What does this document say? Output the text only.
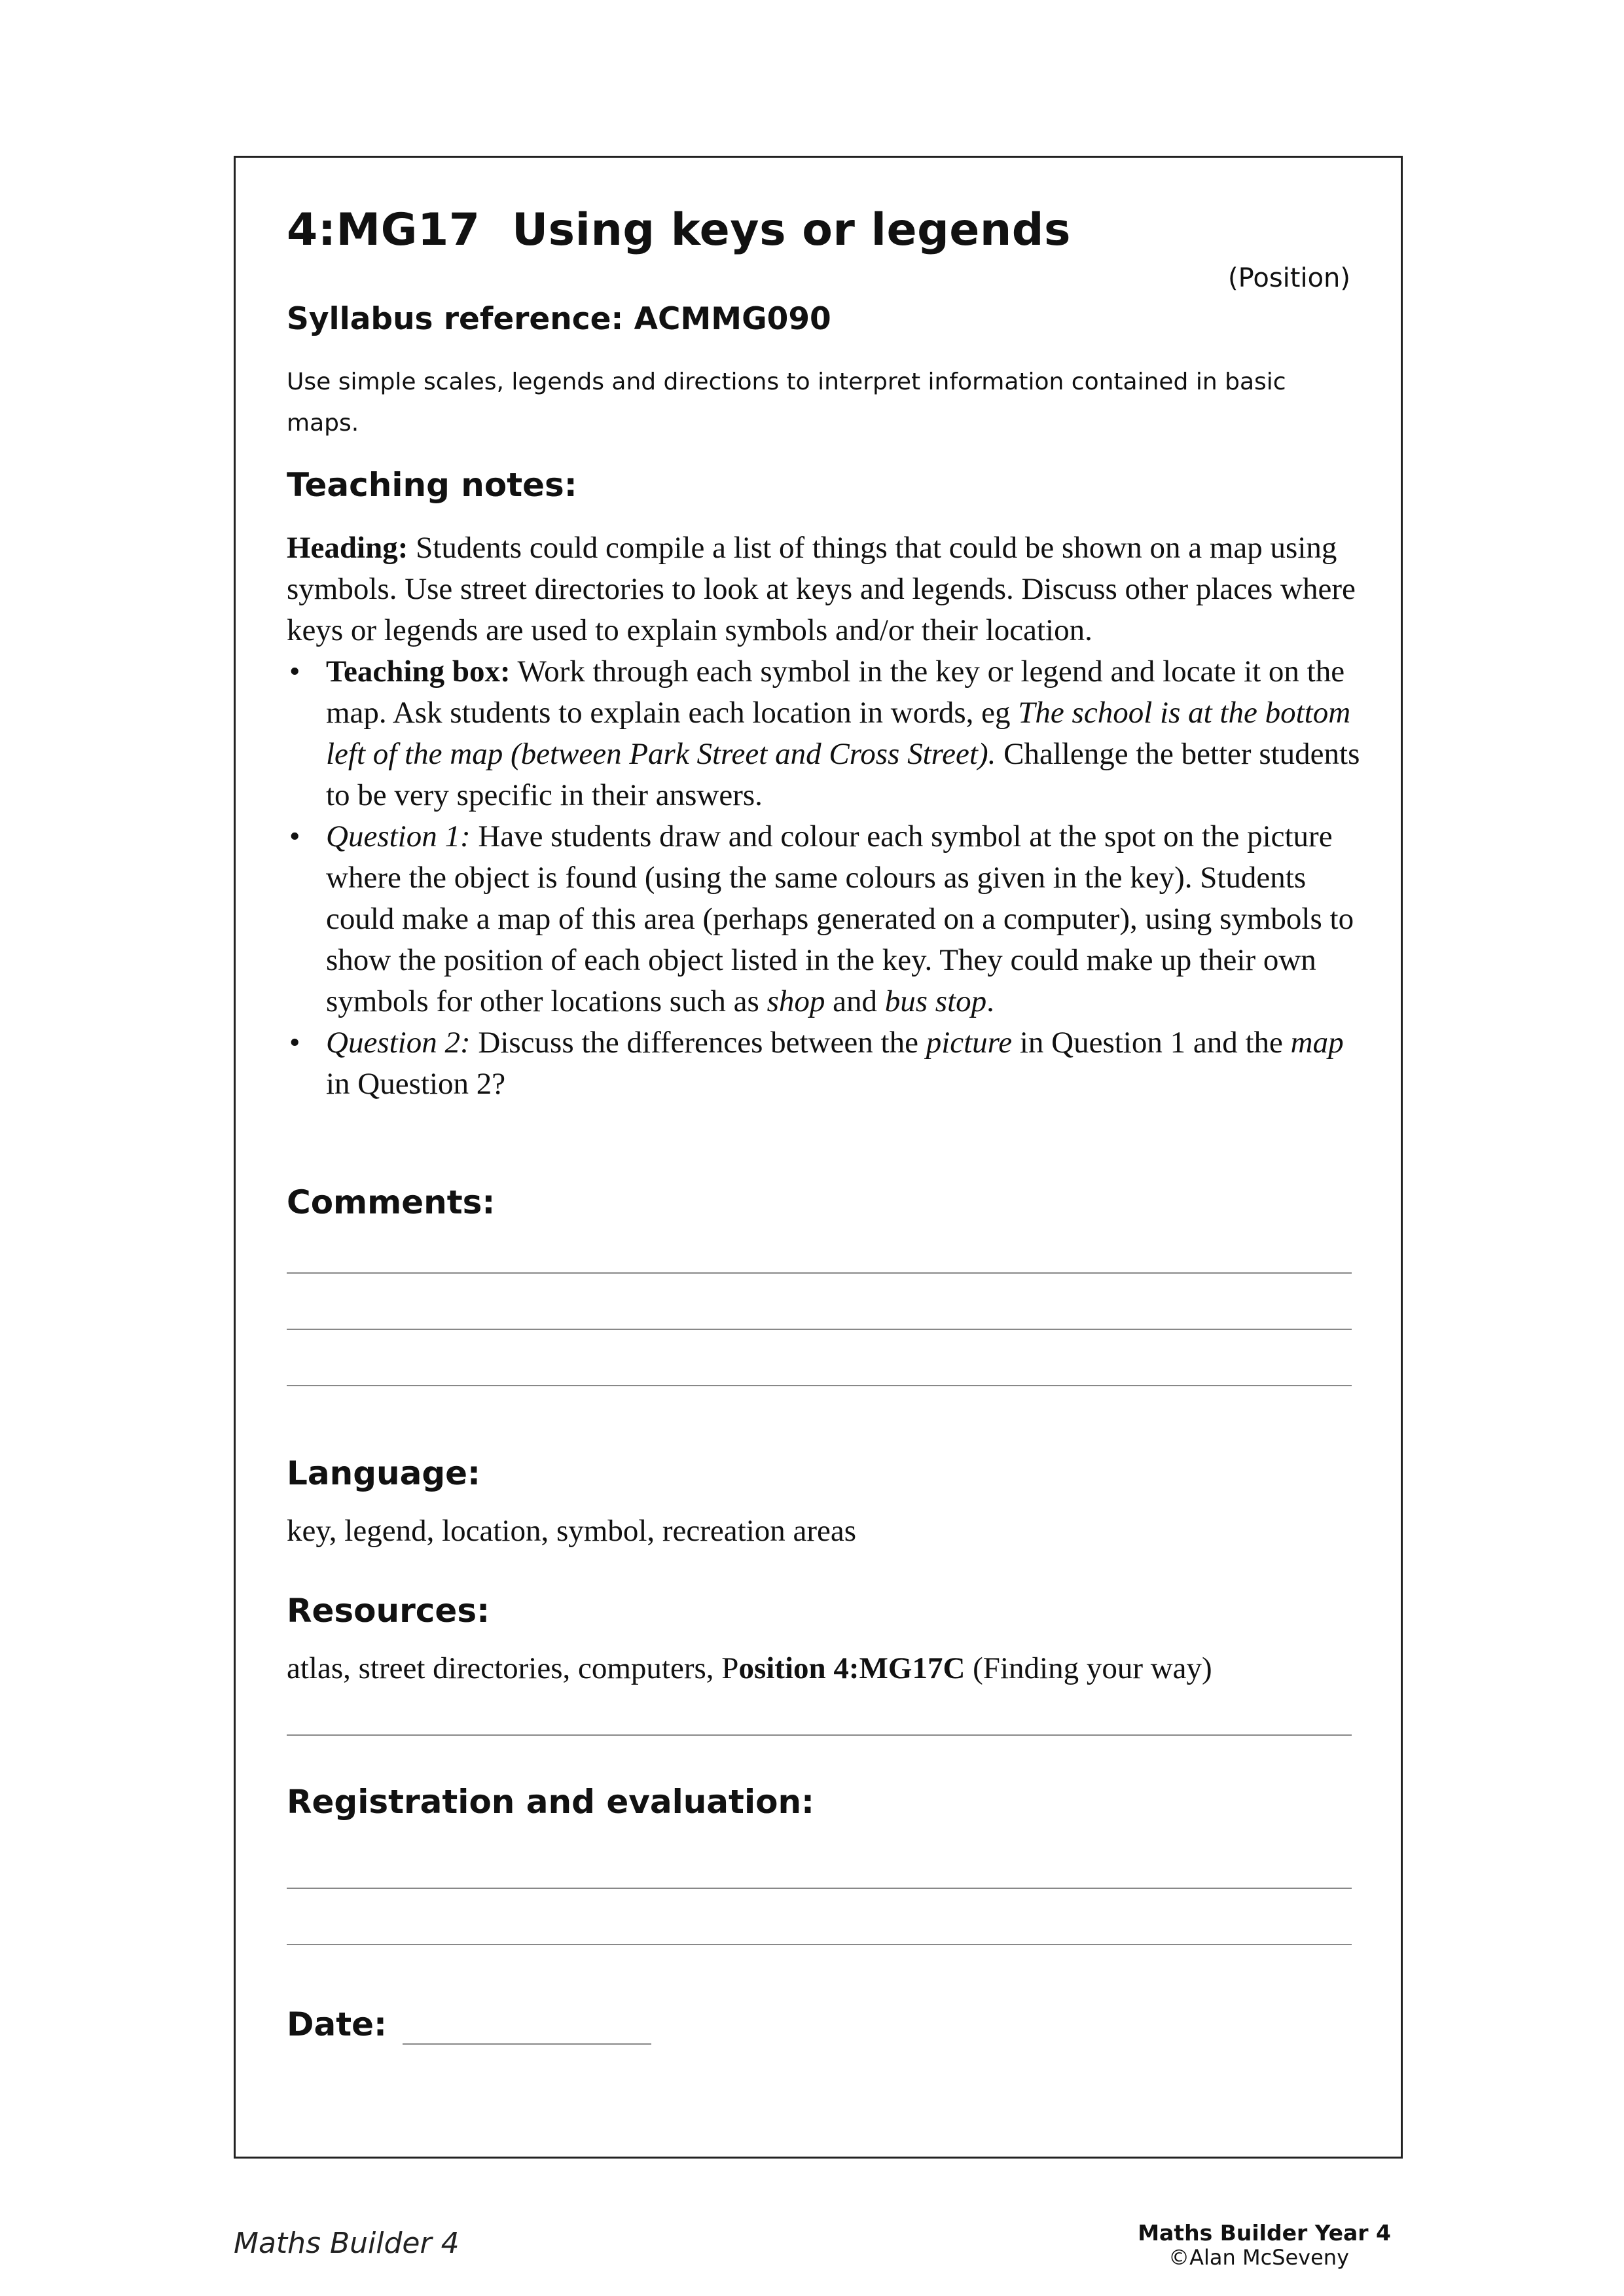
4:MG17  Using keys or legends
(Position)
Syllabus reference: ACMMG090
Use simple scales, legends and directions to interpret information contained in basic
maps.
Teaching notes:

Heading: Students could compile a list of things that could be shown on a map using symbols. Use street directories to look at keys and legends. Discuss other places where keys or legends are used to explain symbols and/or their location.

• Teaching box: Work through each symbol in the key or legend and locate it on the map. Ask students to explain each location in words, eg The school is at the bottom left of the map (between Park Street and Cross Street). Challenge the better students to be very specific in their answers.
• Question 1: Have students draw and colour each symbol at the spot on the picture where the object is found (using the same colours as given in the key). Students could make a map of this area (perhaps generated on a computer), using symbols to show the position of each object listed in the key. They could make up their own symbols for other locations such as shop and bus stop.
• Question 2: Discuss the differences between the picture in Question 1 and the map in Question 2?
Comments:
Language:
key, legend, location, symbol, recreation areas
Resources:
atlas, street directories, computers, Position 4:MG17C (Finding your way)
Registration and evaluation:
Date:
Maths Builder 4	Maths Builder Year 4
©Alan McSeveny
